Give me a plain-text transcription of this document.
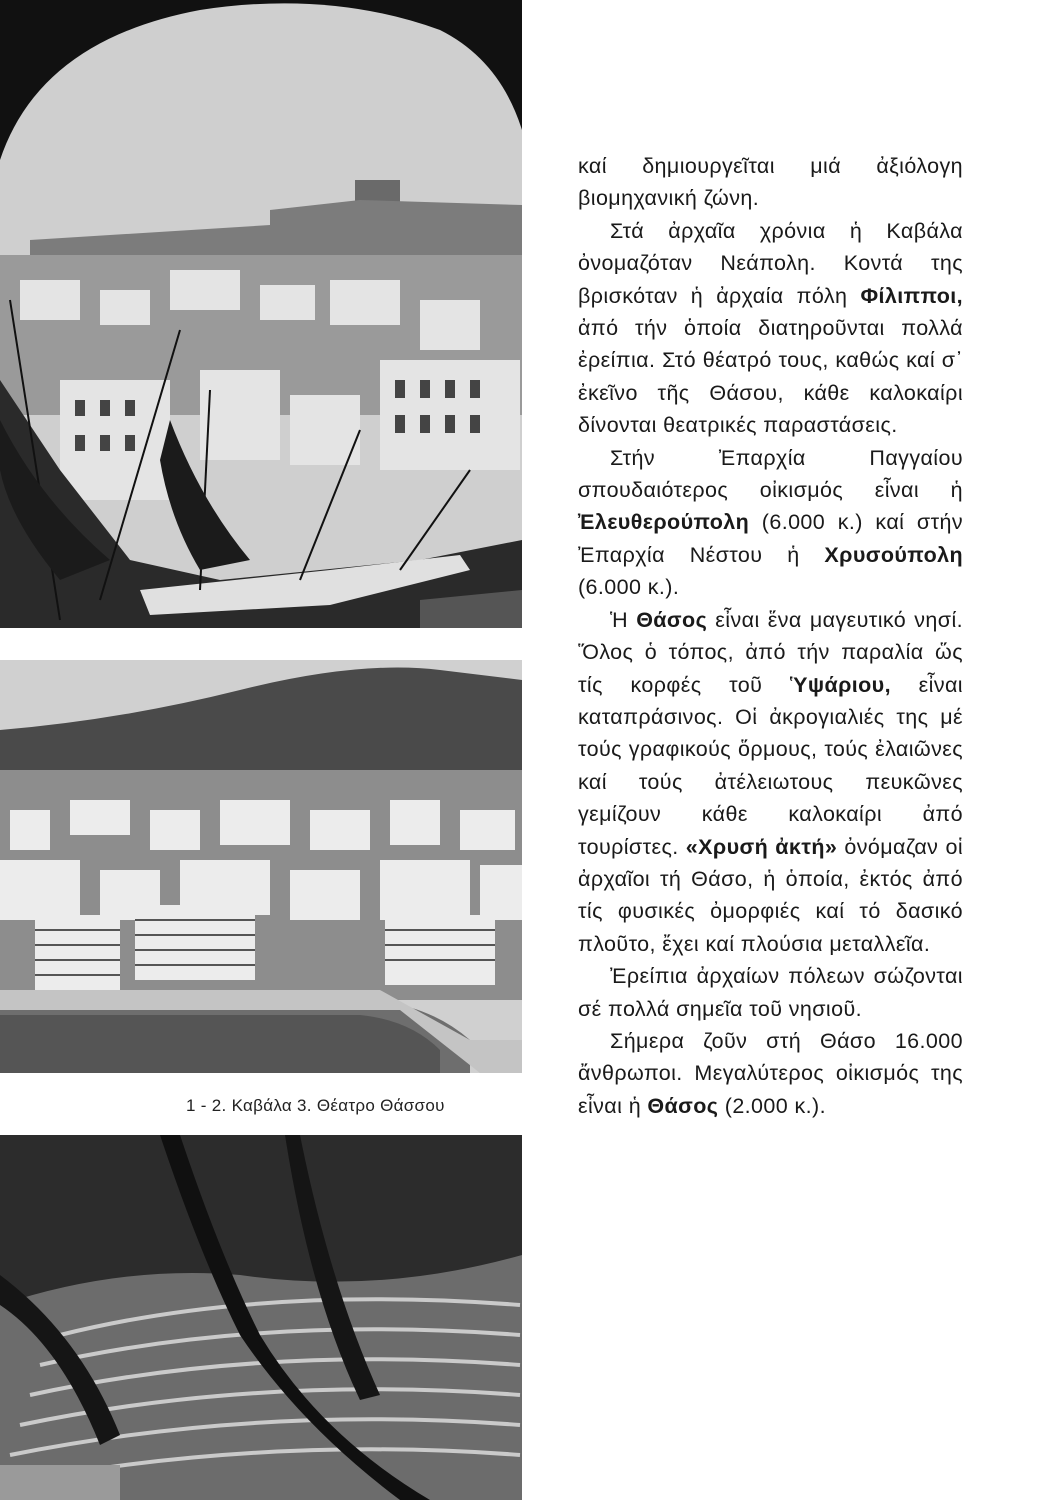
1 - 2. Καβάλα 3. Θέατρο Θάσσου

καί δημιουργεῖται μιά ἀξιόλογη βιομηχανική ζώνη.

Στά ἀρχαῖα χρόνια ἡ Καβάλα ὀνομαζόταν Νεάπολη. Κοντά της βρισκόταν ἡ ἀρχαία πόλη Φίλιπποι, ἀπό τήν ὁποία διατηροῦνται πολλά ἐρείπια. Στό θέατρό τους, καθώς καί σ᾽ ἐκεῖνο τῆς Θάσου, κάθε καλοκαίρι δίνονται θεατρικές παραστάσεις.

Στήν Ἐπαρχία Παγγαίου σπουδαιότερος οἰκισμός εἶναι ἡ Ἐλευθερούπολη (6.000 κ.) καί στήν Ἐπαρχία Νέστου ἡ Χρυσούπολη (6.000 κ.).

Ἡ Θάσος εἶναι ἕνα μαγευτικό νησί. Ὅλος ὁ τόπος, ἀπό τήν παραλία ὥς τίς κορφές τοῦ Ὑψάριου, εἶναι καταπράσινος. Οἱ ἀκρογιαλιές της μέ τούς γραφικούς ὅρμους, τούς ἐλαιῶνες καί τούς ἀτέλειωτους πευκῶνες γεμίζουν κάθε καλοκαίρι ἀπό τουρίστες. «Χρυσή ἀκτή» ὀνόμαζαν οἱ ἀρχαῖοι τή Θάσο, ἡ ὁποία, ἐκτός ἀπό τίς φυσικές ὀμορφιές καί τό δασικό πλοῦτο, ἔχει καί πλούσια μεταλλεῖα.

Ἐρείπια ἀρχαίων πόλεων σώζονται σέ πολλά σημεῖα τοῦ νησιοῦ.

Σήμερα ζοῦν στή Θάσο 16.000 ἄνθρωποι. Μεγαλύτερος οἰκισμός της εἶναι ἡ Θάσος (2.000 κ.).
